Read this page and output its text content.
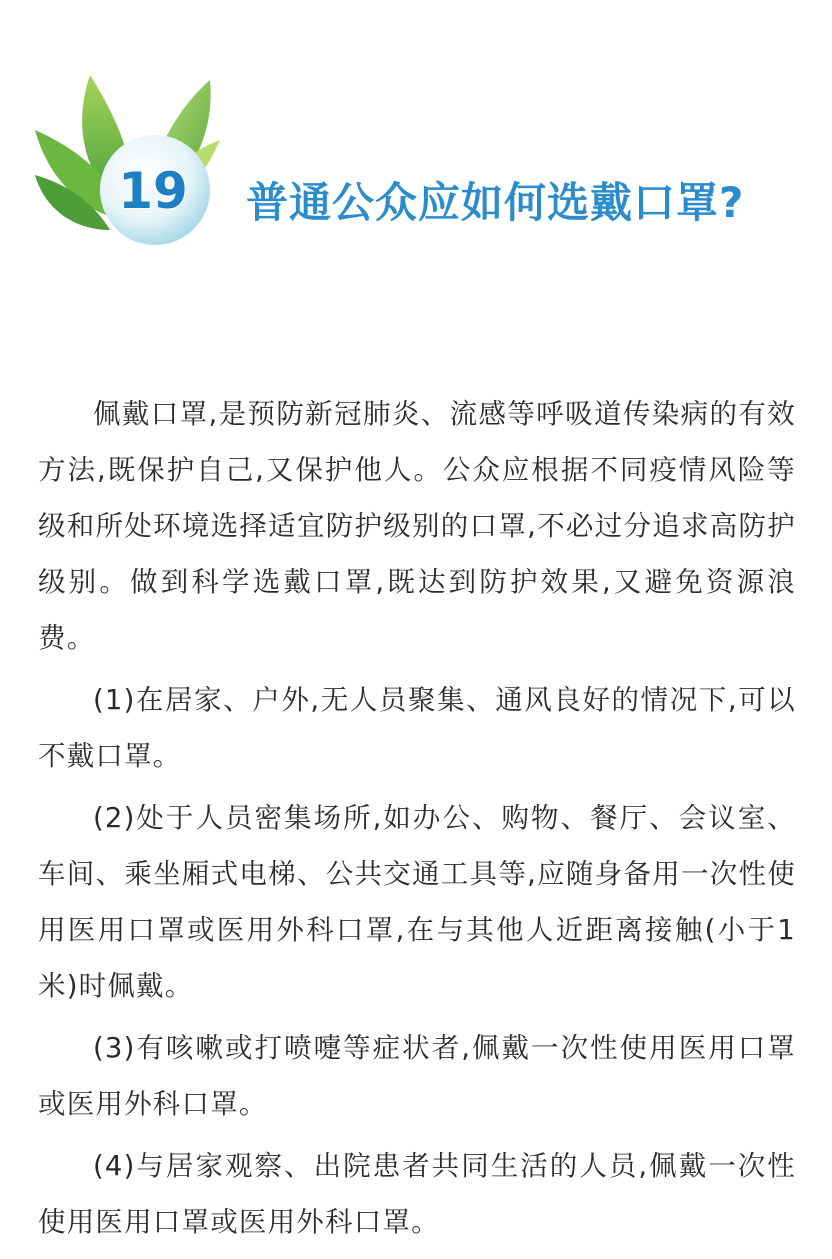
19 普通公众应如何选戴口罩?

佩戴口罩,是预防新冠肺炎、流感等呼吸道传染病的有效方法,既保护自己,又保护他人。公众应根据不同疫情风险等级和所处环境选择适宜防护级别的口罩,不必过分追求高防护级别。做到科学选戴口罩,既达到防护效果,又避免资源浪费。

(1)在居家、户外,无人员聚集、通风良好的情况下,可以不戴口罩。

(2)处于人员密集场所,如办公、购物、餐厅、会议室、车间、乘坐厢式电梯、公共交通工具等,应随身备用一次性使用医用口罩或医用外科口罩,在与其他人近距离接触(小于1米)时佩戴。

(3)有咳嗽或打喷嚏等症状者,佩戴一次性使用医用口罩或医用外科口罩。

(4)与居家观察、出院患者共同生活的人员,佩戴一次性使用医用口罩或医用外科口罩。
